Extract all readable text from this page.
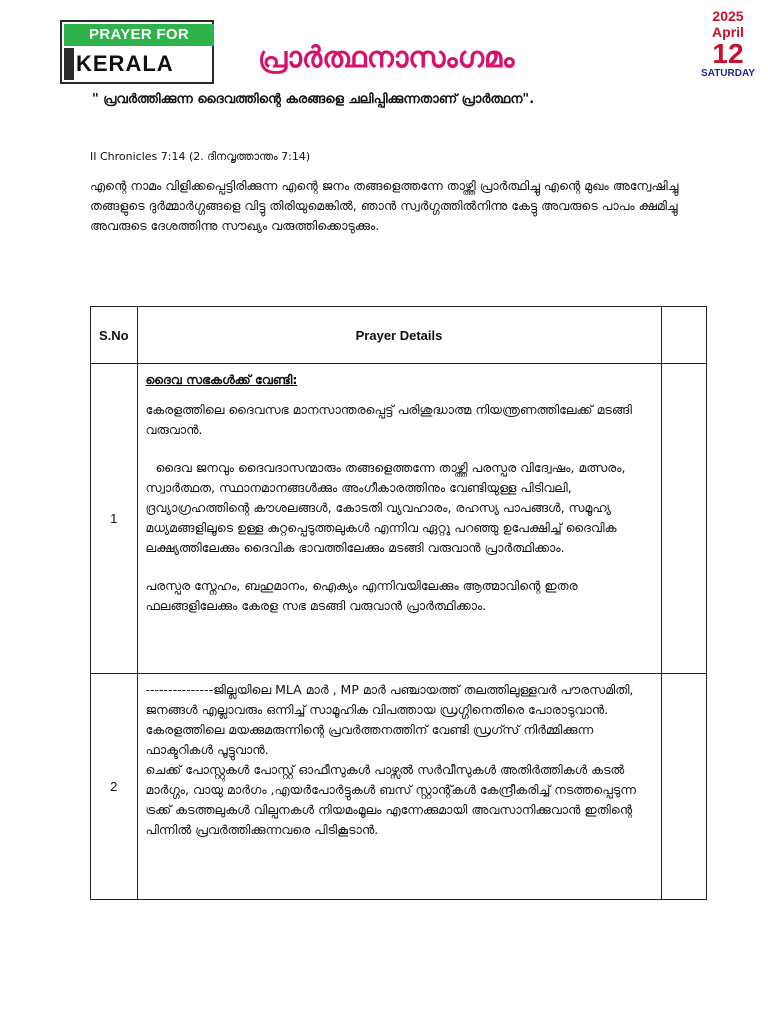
PRAYER FOR
KERALA	പ്രാർത്ഥനാസംഗമം
2025
April
12
SATURDAY
" പ്രവർത്തിക്കുന്ന ദൈവത്തിന്റെ കരങ്ങളെ ചലിപ്പിക്കുന്നതാണ് പ്രാർത്ഥന".
II Chronicles 7:14 (2. ദിനവൃത്താന്തം 7:14)
എന്റെ നാമം വിളിക്കപ്പെട്ടിരിക്കുന്ന എന്റെ ജനം തങ്ങളെത്തന്നേ താഴ്ത്തി പ്രാർത്ഥിച്ചു എന്റെ മുഖം അന്വേഷിച്ചു തങ്ങളുടെ ദുർമ്മാർഗ്ഗങ്ങളെ വിട്ടു തിരിയുമെങ്കിൽ, ഞാൻ സ്വർഗ്ഗത്തിൽനിന്നു കേട്ടു അവരുടെ പാപം ക്ഷമിച്ചു അവരുടെ ദേശത്തിന്നു സൗഖ്യം വരുത്തിക്കൊടുക്കും.
S.No	Prayer Details	
1	ദൈവ സഭകൾക്ക് വേണ്ടി:

കേരളത്തിലെ ദൈവസഭ മാനസാന്തരപ്പെട്ട് പരിശുദ്ധാത്മ നിയന്ത്രണത്തിലേക്ക് മടങ്ങി വരുവാൻ.

ദൈവ ജനവും ദൈവദാസന്മാരും തങ്ങളെത്തന്നേ താഴ്ത്തി പരസ്പര വിദ്വേഷം, മത്സരം, സ്വാർത്ഥത, സ്ഥാനമാനങ്ങൾക്കും അംഗീകാരത്തിനും വേണ്ടിയുള്ള പിടിവലി, ദ്രവ്യാഗ്രഹത്തിന്റെ കൗശലങ്ങൾ, കോടതി വ്യവഹാരം, രഹസ്യ പാപങ്ങൾ, സമൂഹ്യ മധ്യമങ്ങളിലൂടെ ഉള്ള കുറ്റപ്പെടുത്തലുകൾ എന്നിവ ഏറ്റു പറഞ്ഞു ഉപേക്ഷിച്ച് ദൈവിക ലക്ഷ്യത്തിലേക്കും ദൈവിക ഭാവത്തിലേക്കും മടങ്ങി വരുവാൻ പ്രാർത്ഥിക്കാം.

പരസ്പര സ്നേഹം, ബഹുമാനം, ഐക്യം എന്നിവയിലേക്കും ആത്മാവിന്റെ ഇതര ഫലങ്ങളിലേക്കും കേരള സഭ മടങ്ങി വരുവാൻ പ്രാർത്ഥിക്കാം.	

2	---------------ജില്ലയിലെ MLA മാർ , MP മാർ പഞ്ചായത്ത് തലത്തിലുള്ളവർ പൗരസമിതി, ജനങ്ങൾ എല്ലാവരും ഒന്നിച്ച് സാമൂഹിക വിപത്തായ ഡ്രഗ്ഗിനെതിരെ പോരാടുവാൻ.

കേരളത്തിലെ മയക്കുമരുന്നിന്റെ പ്രവർത്തനത്തിന് വേണ്ടി ഡ്രഗ്സ് നിർമ്മിക്കുന്ന ഫാക്ടറികൾ പൂട്ടുവാൻ.

ചെക്ക് പോസ്റ്റുകൾ പോസ്റ്റ് ഓഫീസുകൾ പാഴ്സൽ സർവീസുകൾ അതിർത്തികൾ കടൽ മാർഗ്ഗം, വായു മാർഗം ,എയർപോർട്ടുകൾ ബസ് സ്റ്റാന്റ്കൾ കേന്ദ്രീകരിച്ച് നടത്തപ്പെടുന്ന ട്രക്ക് കടത്തലുകൾ വില്പനകൾ നിയമംമൂലം എന്നേക്കുമായി അവസാനിക്കുവാൻ ഇതിന്റെ പിന്നിൽ പ്രവർത്തിക്കുന്നവരെ പിടികൂടാൻ.	
